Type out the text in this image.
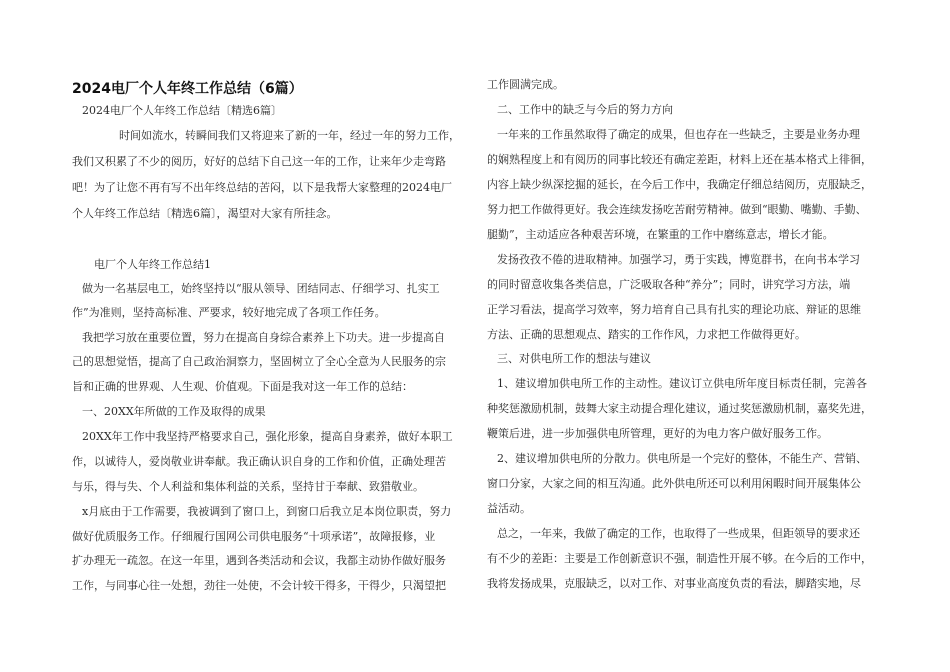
2024电厂个人年终工作总结（6篇）
2024电厂个人年终工作总结〔精选6篇〕
时间如流水，转瞬间我们又将迎来了新的一年，经过一年的努力工作，
我们又积累了不少的阅历，好好的总结下自己这一年的工作，让来年少走弯路
吧！为了让您不再有写不出年终总结的苦闷，以下是我帮大家整理的2024电厂
个人年终工作总结〔精选6篇〕，渴望对大家有所挂念。
电厂个人年终工作总结1
做为一名基层电工，始终坚持以“服从领导、团结同志、仔细学习、扎实工
作”为准则，坚持高标准、严要求，较好地完成了各项工作任务。
我把学习放在重要位置，努力在提高自身综合素养上下功夫。进一步提高自
己的思想觉悟，提高了自己政治洞察力，坚固树立了全心全意为人民服务的宗
旨和正确的世界观、人生观、价值观。下面是我对这一年工作的总结：
一、20XX年所做的工作及取得的成果
20XX年工作中我坚持严格要求自己，强化形象，提高自身素养，做好本职工
作，以诚待人，爱岗敬业讲奉献。我正确认识自身的工作和价值，正确处理苦
与乐，得与失、个人利益和集体利益的关系，坚持甘于奉献、致猎敬业。
x月底由于工作需要，我被调到了窗口上，到窗口后我立足本岗位职责，努力
做好优质服务工作。仔细履行国网公司供电服务“十项承诺”，故障报修，业
扩办理无一疏忽。在这一年里，遇到各类活动和会议，我都主动协作做好服务
工作，与同事心往一处想，劲往一处使，不会计较干得多，干得少，只渴望把
工作圆满完成。
二、工作中的缺乏与今后的努力方向
一年来的工作虽然取得了确定的成果，但也存在一些缺乏，主要是业务办理
的娴熟程度上和有阅历的同事比较还有确定差距，材料上还在基本格式上徘徊，
内容上缺少纵深挖掘的延长，在今后工作中，我确定仔细总结阅历，克服缺乏，
努力把工作做得更好。我会连续发扬吃苦耐劳精神。做到“眼勤、嘴勤、手勤、
腿勤”，主动适应各种艰苦环境，在繁重的工作中磨练意志，增长才能。
发扬孜孜不倦的进取精神。加强学习，勇于实践，博览群书，在向书本学习
的同时留意收集各类信息，广泛吸取各种“养分”；同时，讲究学习方法，端
正学习看法，提高学习效率，努力培育自己具有扎实的理论功底、辩证的思维
方法、正确的思想观点、踏实的工作作风，力求把工作做得更好。
三、对供电所工作的想法与建议
1、建议增加供电所工作的主动性。建议订立供电所年度目标责任制，完善各
种奖惩激励机制，鼓舞大家主动提合理化建议，通过奖惩激励机制，嘉奖先进，
鞭策后进，进一步加强供电所管理，更好的为电力客户做好服务工作。
2、建议增加供电所的分散力。供电所是一个完好的整体，不能生产、营销、
窗口分家，大家之间的相互沟通。此外供电所还可以利用闲暇时间开展集体公
益活动。
总之，一年来，我做了确定的工作，也取得了一些成果，但距领导的要求还
有不少的差距：主要是工作创新意识不强，制造性开展不够。在今后的工作中，
我将发扬成果，克服缺乏，以对工作、对事业高度负责的看法，脚踏实地，尽
